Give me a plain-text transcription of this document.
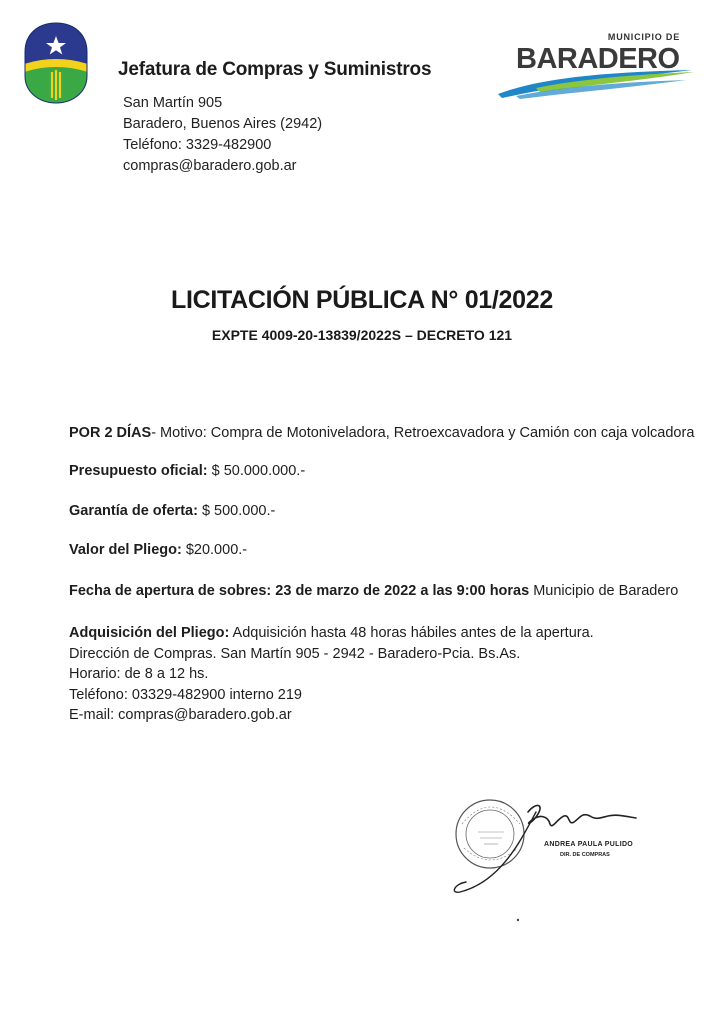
Jefatura de Compras y Suministros
San Martín 905
Baradero, Buenos Aires (2942)
Teléfono: 3329-482900
compras@baradero.gob.ar
MUNICIPIO DE
BARADERO
LICITACIÓN PÚBLICA N° 01/2022
EXPTE 4009-20-13839/2022S – DECRETO 121
POR 2 DÍAS- Motivo: Compra de Motoniveladora, Retroexcavadora y Camión con caja volcadora
Presupuesto oficial: $ 50.000.000.-
Garantía de oferta: $ 500.000.-
Valor del Pliego: $20.000.-
Fecha de apertura de sobres: 23 de marzo de 2022 a las 9:00 horas Municipio de Baradero
Adquisición del Pliego: Adquisición hasta 48 horas hábiles antes de la apertura.
Dirección de Compras. San Martín 905 - 2942 - Baradero-Pcia. Bs.As.
Horario: de 8 a 12 hs.
Teléfono: 03329-482900 interno 219
E-mail: compras@baradero.gob.ar
ANDREA PAULA PULIDO
DIR. DE COMPRAS
